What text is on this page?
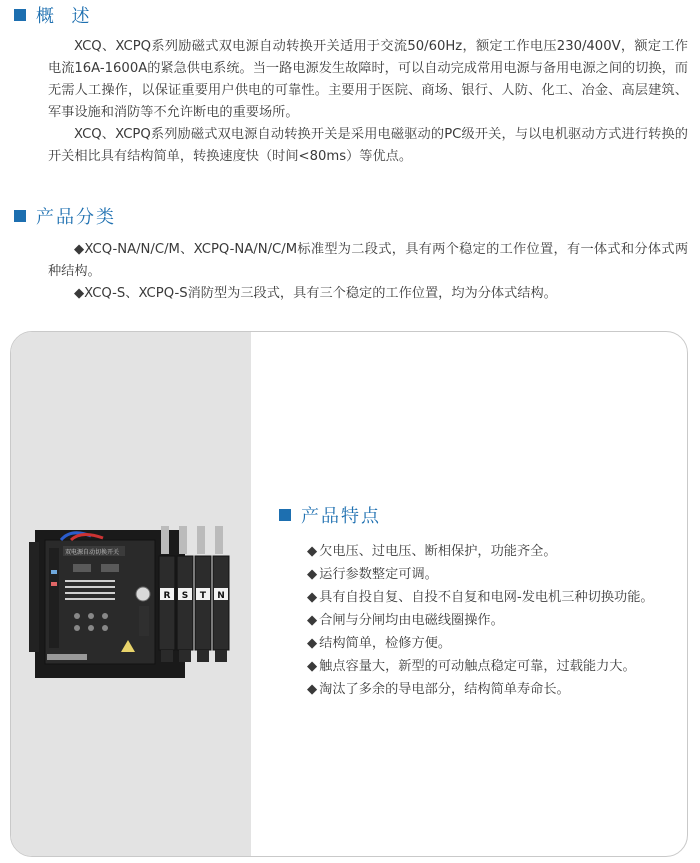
概  述

XCQ、XCPQ系列励磁式双电源自动转换开关适用于交流50/60Hz，额定工作电压230/400V，额定工作电流16A-1600A的紧急供电系统。当一路电源发生故障时，可以自动完成常用电源与备用电源之间的切换，而无需人工操作，以保证重要用户供电的可靠性。主要用于医院、商场、银行、人防、化工、冶金、高层建筑、军事设施和消防等不允许断电的重要场所。

XCQ、XCPQ系列励磁式双电源自动转换开关是采用电磁驱动的PC级开关，与以电机驱动方式进行转换的开关相比具有结构简单，转换速度快（时间<80ms）等优点。

产品分类

◆XCQ-NA/N/C/M、XCPQ-NA/N/C/M标准型为二段式，具有两个稳定的工作位置，有一体式和分体式两种结构。

◆XCQ-S、XCPQ-S消防型为三段式，具有三个稳定的工作位置，均为分体式结构。

双电源自动切换开关
R S T N
产品特点
◆ 欠电压、过电压、断相保护，功能齐全。
◆ 运行参数整定可调。
◆ 具有自投自复、自投不自复和电网-发电机三种切换功能。
◆ 合闸与分闸均由电磁线圈操作。
◆ 结构简单，检修方便。
◆ 触点容量大，新型的可动触点稳定可靠，过载能力大。
◆ 淘汰了多余的导电部分，结构简单寿命长。
